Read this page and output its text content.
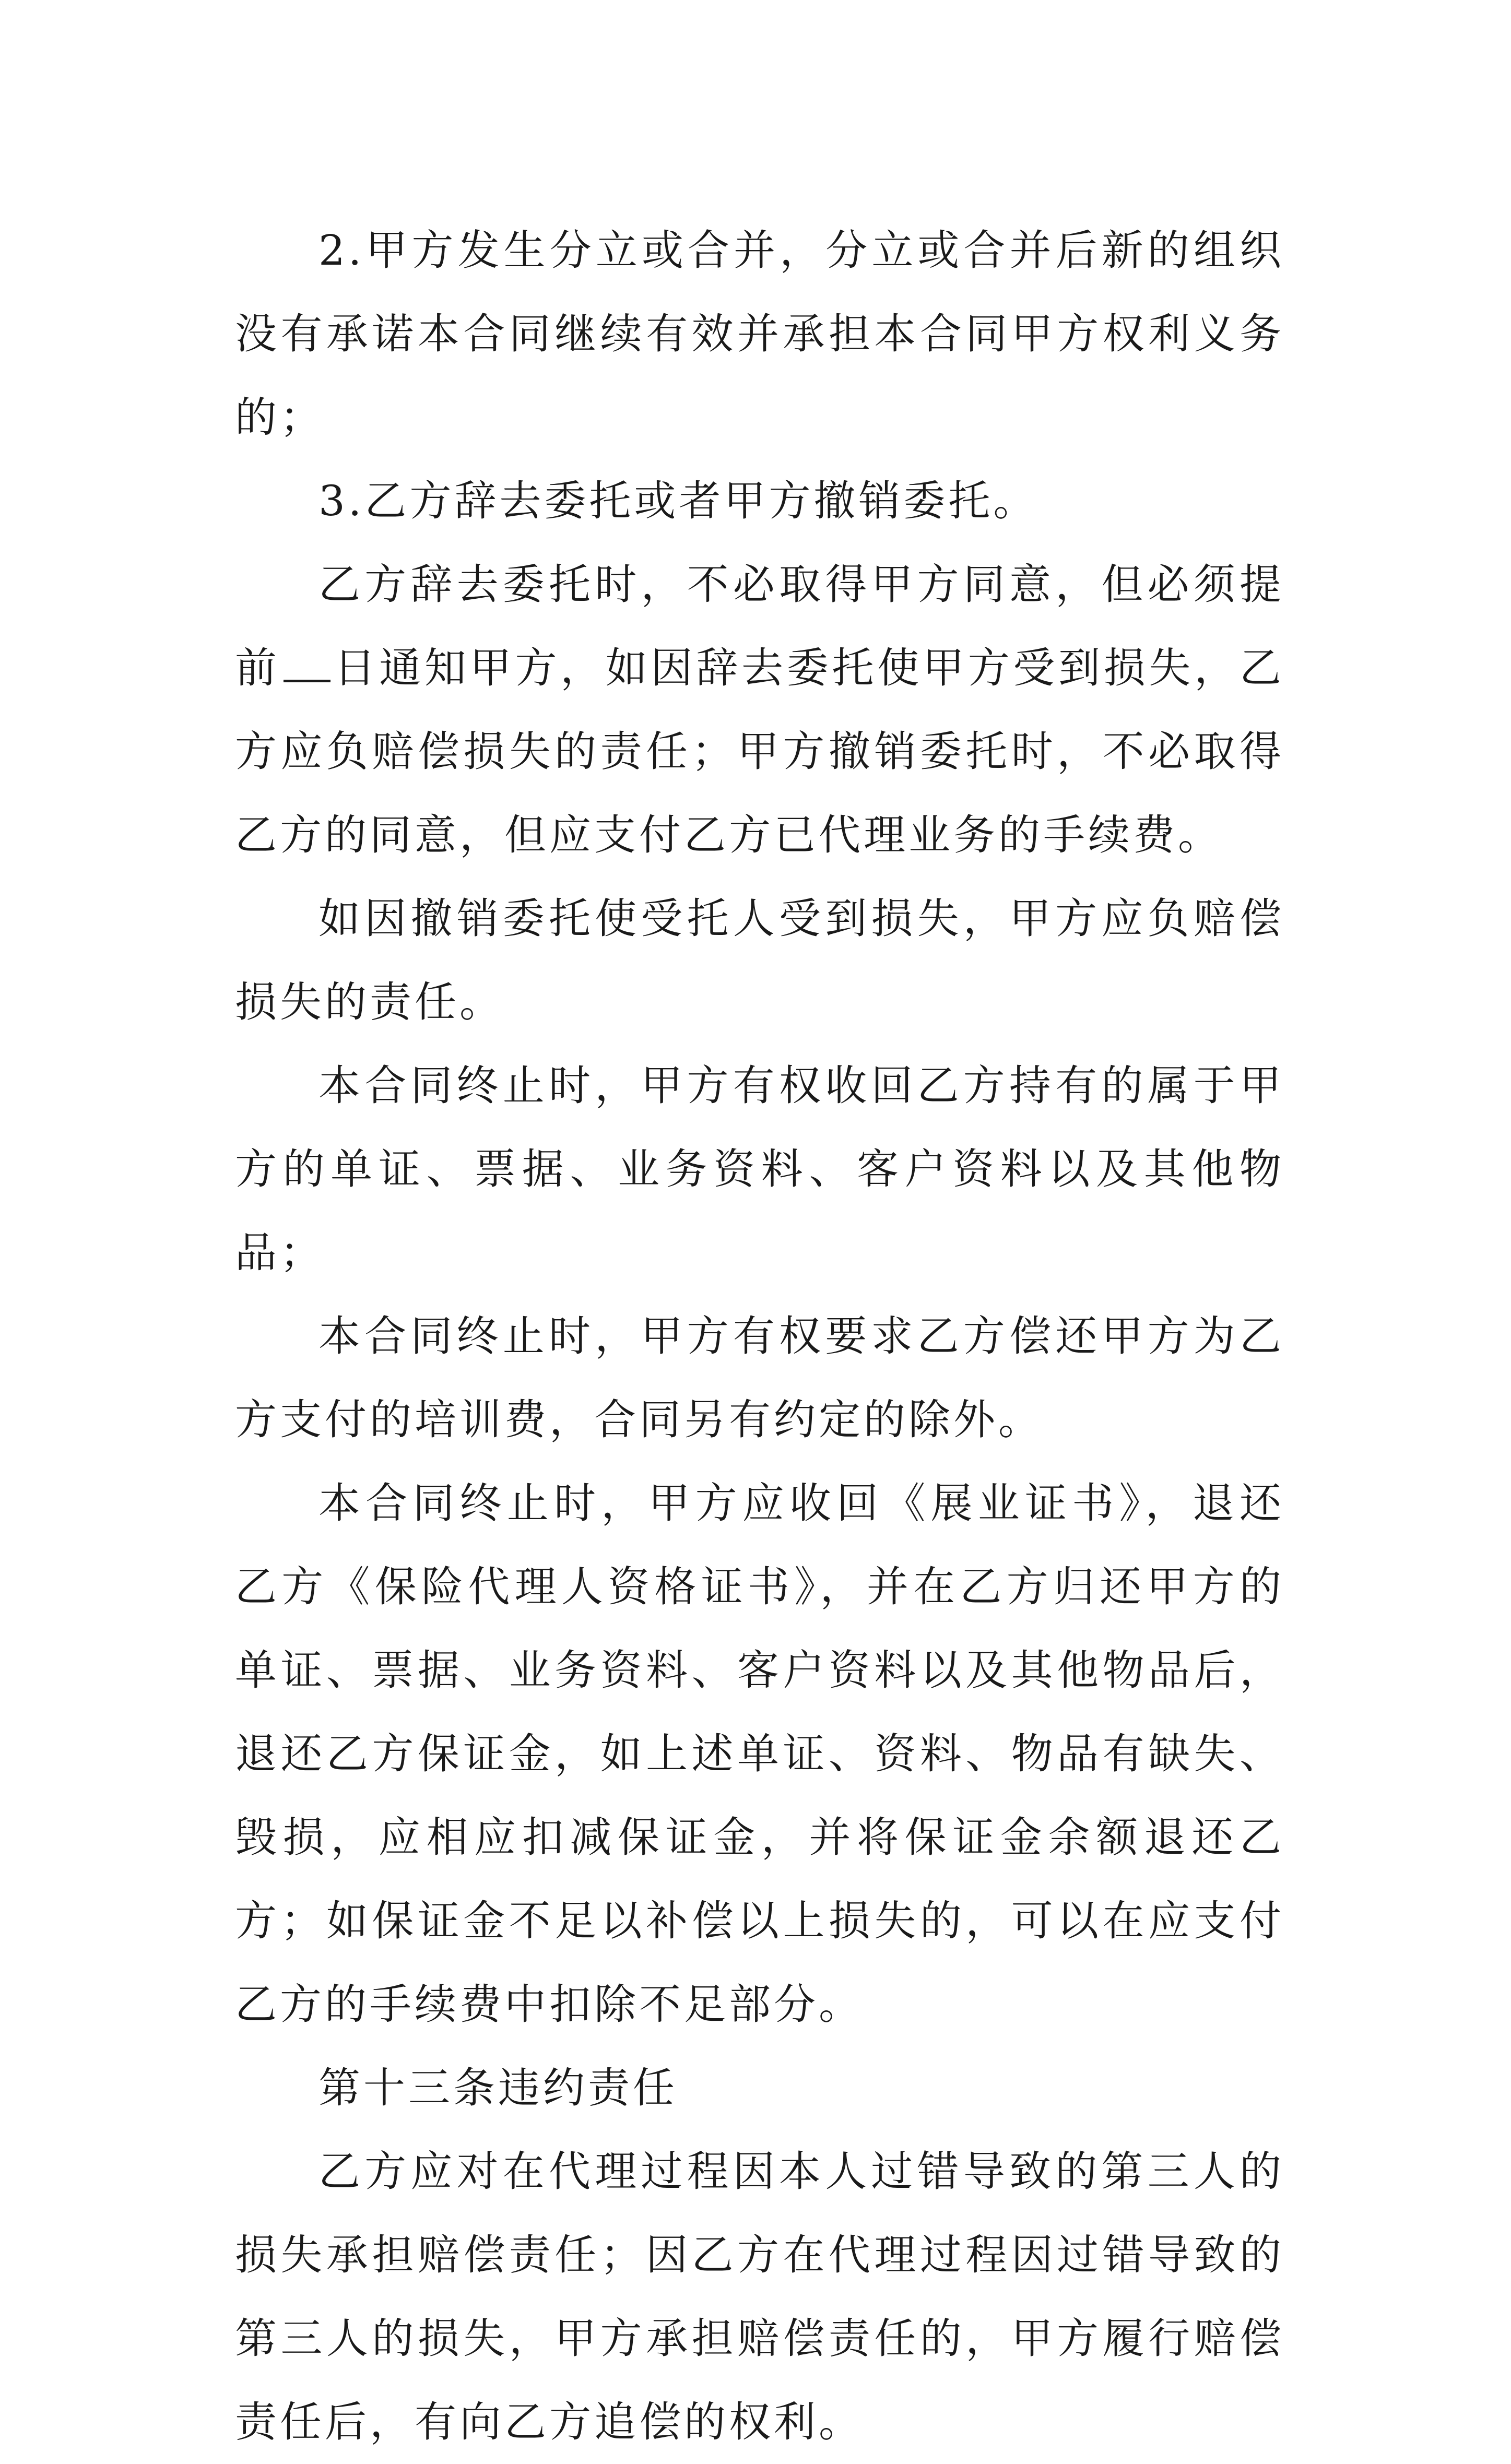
2.甲方发生分立或合并，分立或合并后新的组织没有承诺本合同继续有效并承担本合同甲方权利义务的；

3.乙方辞去委托或者甲方撤销委托。

乙方辞去委托时，不必取得甲方同意，但必须提前 日通知甲方，如因辞去委托使甲方受到损失，乙方应负赔偿损失的责任；甲方撤销委托时，不必取得乙方的同意，但应支付乙方已代理业务的手续费。

如因撤销委托使受托人受到损失，甲方应负赔偿损失的责任。

本合同终止时，甲方有权收回乙方持有的属于甲方的单证、票据、业务资料、客户资料以及其他物品；

本合同终止时，甲方有权要求乙方偿还甲方为乙方支付的培训费，合同另有约定的除外。

本合同终止时，甲方应收回《展业证书》，退还乙方《保险代理人资格证书》，并在乙方归还甲方的单证、票据、业务资料、客户资料以及其他物品后，退还乙方保证金，如上述单证、资料、物品有缺失、毁损，应相应扣减保证金，并将保证金余额退还乙方；如保证金不足以补偿以上损失的，可以在应支付乙方的手续费中扣除不足部分。

第十三条违约责任

乙方应对在代理过程因本人过错导致的第三人的损失承担赔偿责任；因乙方在代理过程因过错导致的第三人的损失，甲方承担赔偿责任的，甲方履行赔偿责任后，有向乙方追偿的权利。
